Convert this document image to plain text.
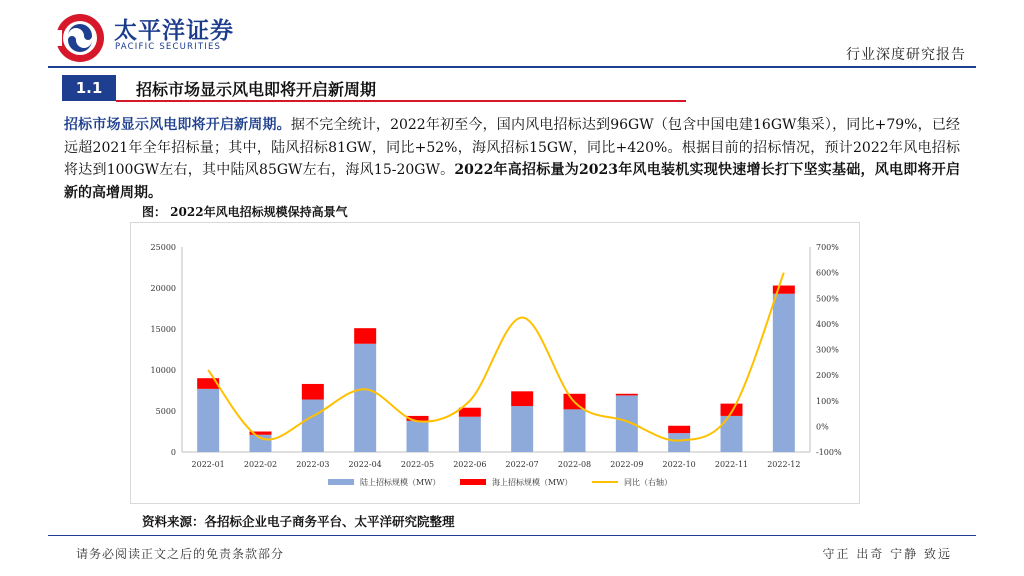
太平洋证券
PACIFIC SECURITIES	行业深度研究报告
1.1	招标市场显示风电即将开启新周期
招标市场显示风电即将开启新周期。据不完全统计，2022年初至今，国内风电招标达到96GW（包含中国电建16GW集采），同比+79%，已经远超2021年全年招标量；其中，陆风招标81GW，同比+52%，海风招标15GW，同比+420%。根据目前的招标情况，预计2022年风电招标将达到100GW左右，其中陆风85GW左右，海风15-20GW。2022年高招标量为2023年风电装机实现快速增长打下坚实基础，风电即将开启新的高增周期。
图： 2022年风电招标规模保持高景气
0
5000
10000
15000
20000
25000
-100%
0%
100%
200%
300%
400%
500%
600%
700%
2022-01 2022-02 2022-03 2022-04 2022-05 2022-06 2022-07 2022-08 2022-09 2022-10 2022-11 2022-12
陆上招标规模（MW）	海上招标规模（MW）	同比（右轴）
资料来源：各招标企业电子商务平台、太平洋研究院整理
请务必阅读正文之后的免责条款部分	守正 出奇 宁静 致远
